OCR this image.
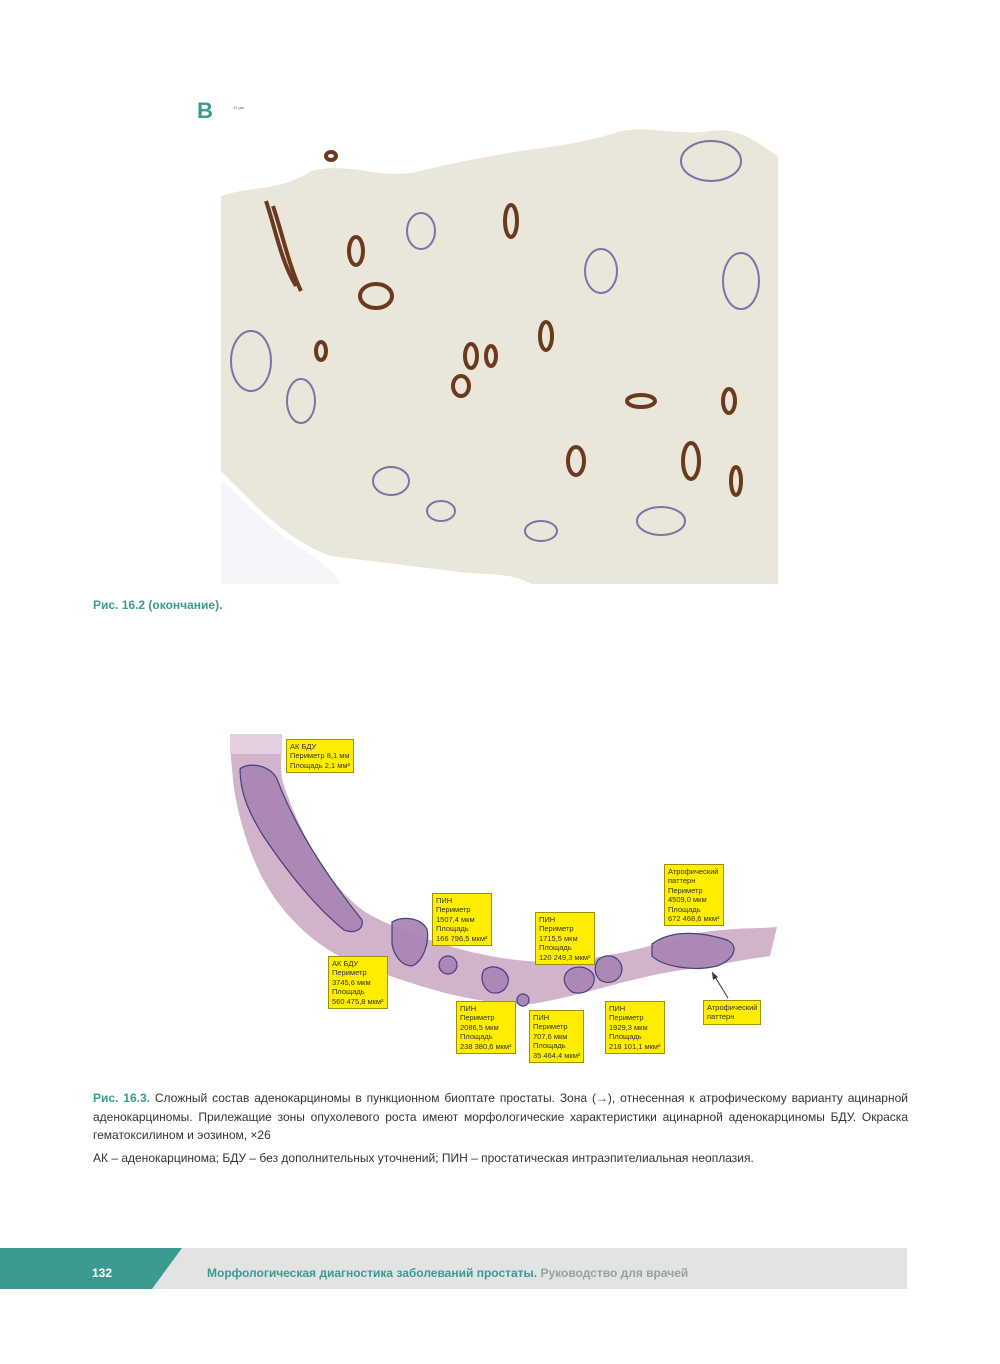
В	17 μm
Рис. 16.2 (окончание).
АК БДУ
Периметр 8,1 мм
Площадь 2,1 мм²
ПИН
Периметр
1507,4 мкм
Площадь
166 796,5 мкм²
ПИН
Периметр
1715,5 мкм
Площадь
120 249,3 мкм²
Атрофический
паттерн
Периметр
4509,0 мкм
Площадь
672 468,6 мкм²
АК БДУ
Периметр
3745,6 мкм
Площадь
560 475,8 мкм²
ПИН
Периметр
2086,5 мкм
Площадь
238 380,6 мкм²
ПИН
Периметр
707,6 мкм
Площадь
35 464,4 мкм²
ПИН
Периметр
1929,3 мкм
Площадь
218 101,1 мкм²
Атрофический
паттерн
Рис. 16.3. Сложный состав аденокарциномы в пункционном биоптате простаты. Зона (→), отнесенная к атрофическому варианту ацинарной аденокарциномы. Прилежащие зоны опухолевого роста имеют морфологические характеристики ацинарной аденокарциномы БДУ. Окраска гематоксилином и эозином, ×26
АК – аденокарцинома; БДУ – без дополнительных уточнений; ПИН – простатическая интраэпителиальная неоплазия.
132	Морфологическая диагностика заболеваний простаты. Руководство для врачей
